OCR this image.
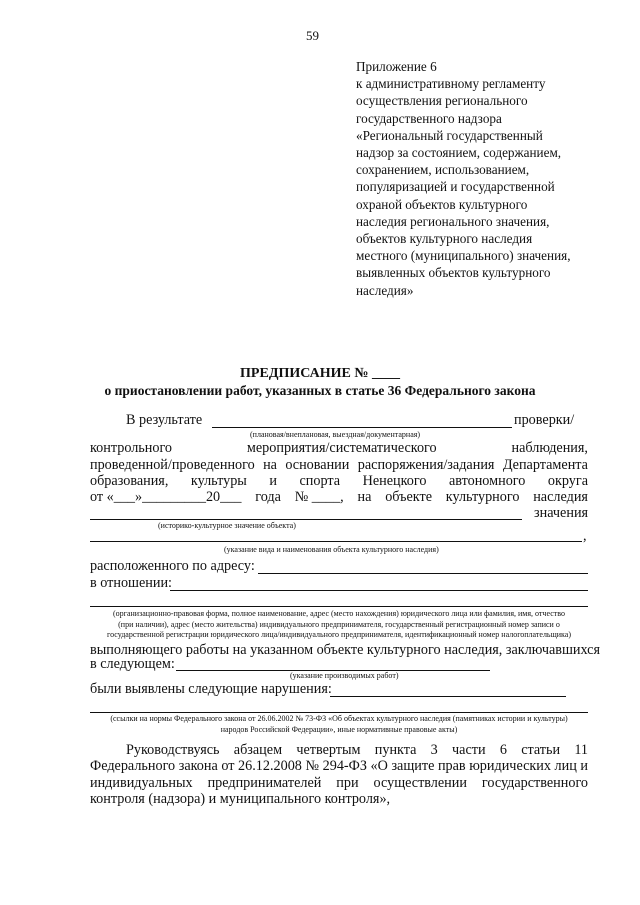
59
Приложение 6
к административному регламенту
осуществления регионального
государственного надзора
«Региональный государственный
надзор за состоянием, содержанием,
сохранением, использованием,
популяризацией и государственной
охраной объектов культурного
наследия регионального значения,
объектов культурного наследия
местного (муниципального) значения,
выявленных объектов культурного
наследия»
ПРЕДПИСАНИЕ № ____
о приостановлении работ, указанных в статье 36 Федерального закона
В результате	проверки/
(плановая/внеплановая, выездная/документарная)
контрольного	мероприятия/систематического	наблюдения,
проведенной/проведенного на основании распоряжения/задания Департамента
образования, культуры и спорта Ненецкого автономного округа
от «___»_________20___ года № ____, на объекте культурного наследия
значения
(историко-культурное значение объекта)
,
(указание вида и наименования объекта культурного наследия)
расположенного по адресу:
в отношении:
(организационно-правовая форма, полное наименование, адрес (место нахождения) юридического лица или фамилия, имя, отчество
(при наличии), адрес (место жительства) индивидуального предпринимателя, государственный регистрационный номер записи о
государственной регистрации юридического лица/индивидуального предпринимателя, идентификационный номер налогоплательщика)
выполняющего работы на указанном объекте культурного наследия, заключавшихся
в следующем:
(указание производимых работ)
были выявлены следующие нарушения:
(ссылки на нормы Федерального закона от 26.06.2002 № 73-ФЗ «Об объектах культурного наследия (памятниках истории и культуры)
народов Российской Федерации», иные нормативные правовые акты)
Руководствуясь абзацем четвертым пункта 3 части 6 статьи 11 Федерального закона от 26.12.2008 № 294-ФЗ «О защите прав юридических лиц и индивидуальных предпринимателей при осуществлении государственного контроля (надзора) и муниципального контроля»,
